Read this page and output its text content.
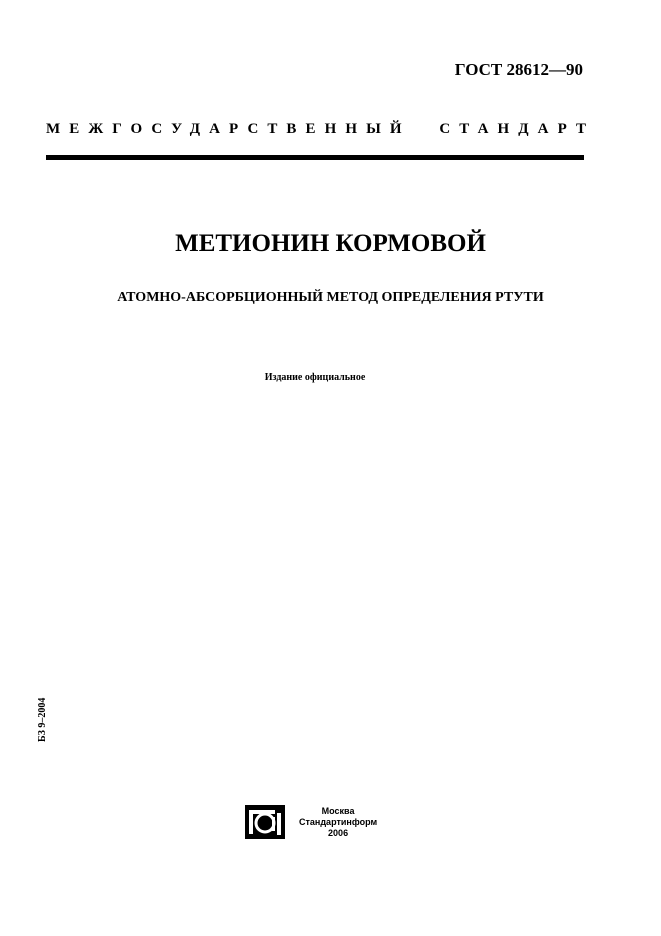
ГОСТ 28612—90
МЕЖГОСУДАРСТВЕННЫЙ СТАНДАРТ
МЕТИОНИН КОРМОВОЙ
АТОМНО-АБСОРБЦИОННЫЙ МЕТОД ОПРЕДЕЛЕНИЯ РТУТИ
Издание официальное
БЗ 9–2004
Москва
Стандартинформ
2006
